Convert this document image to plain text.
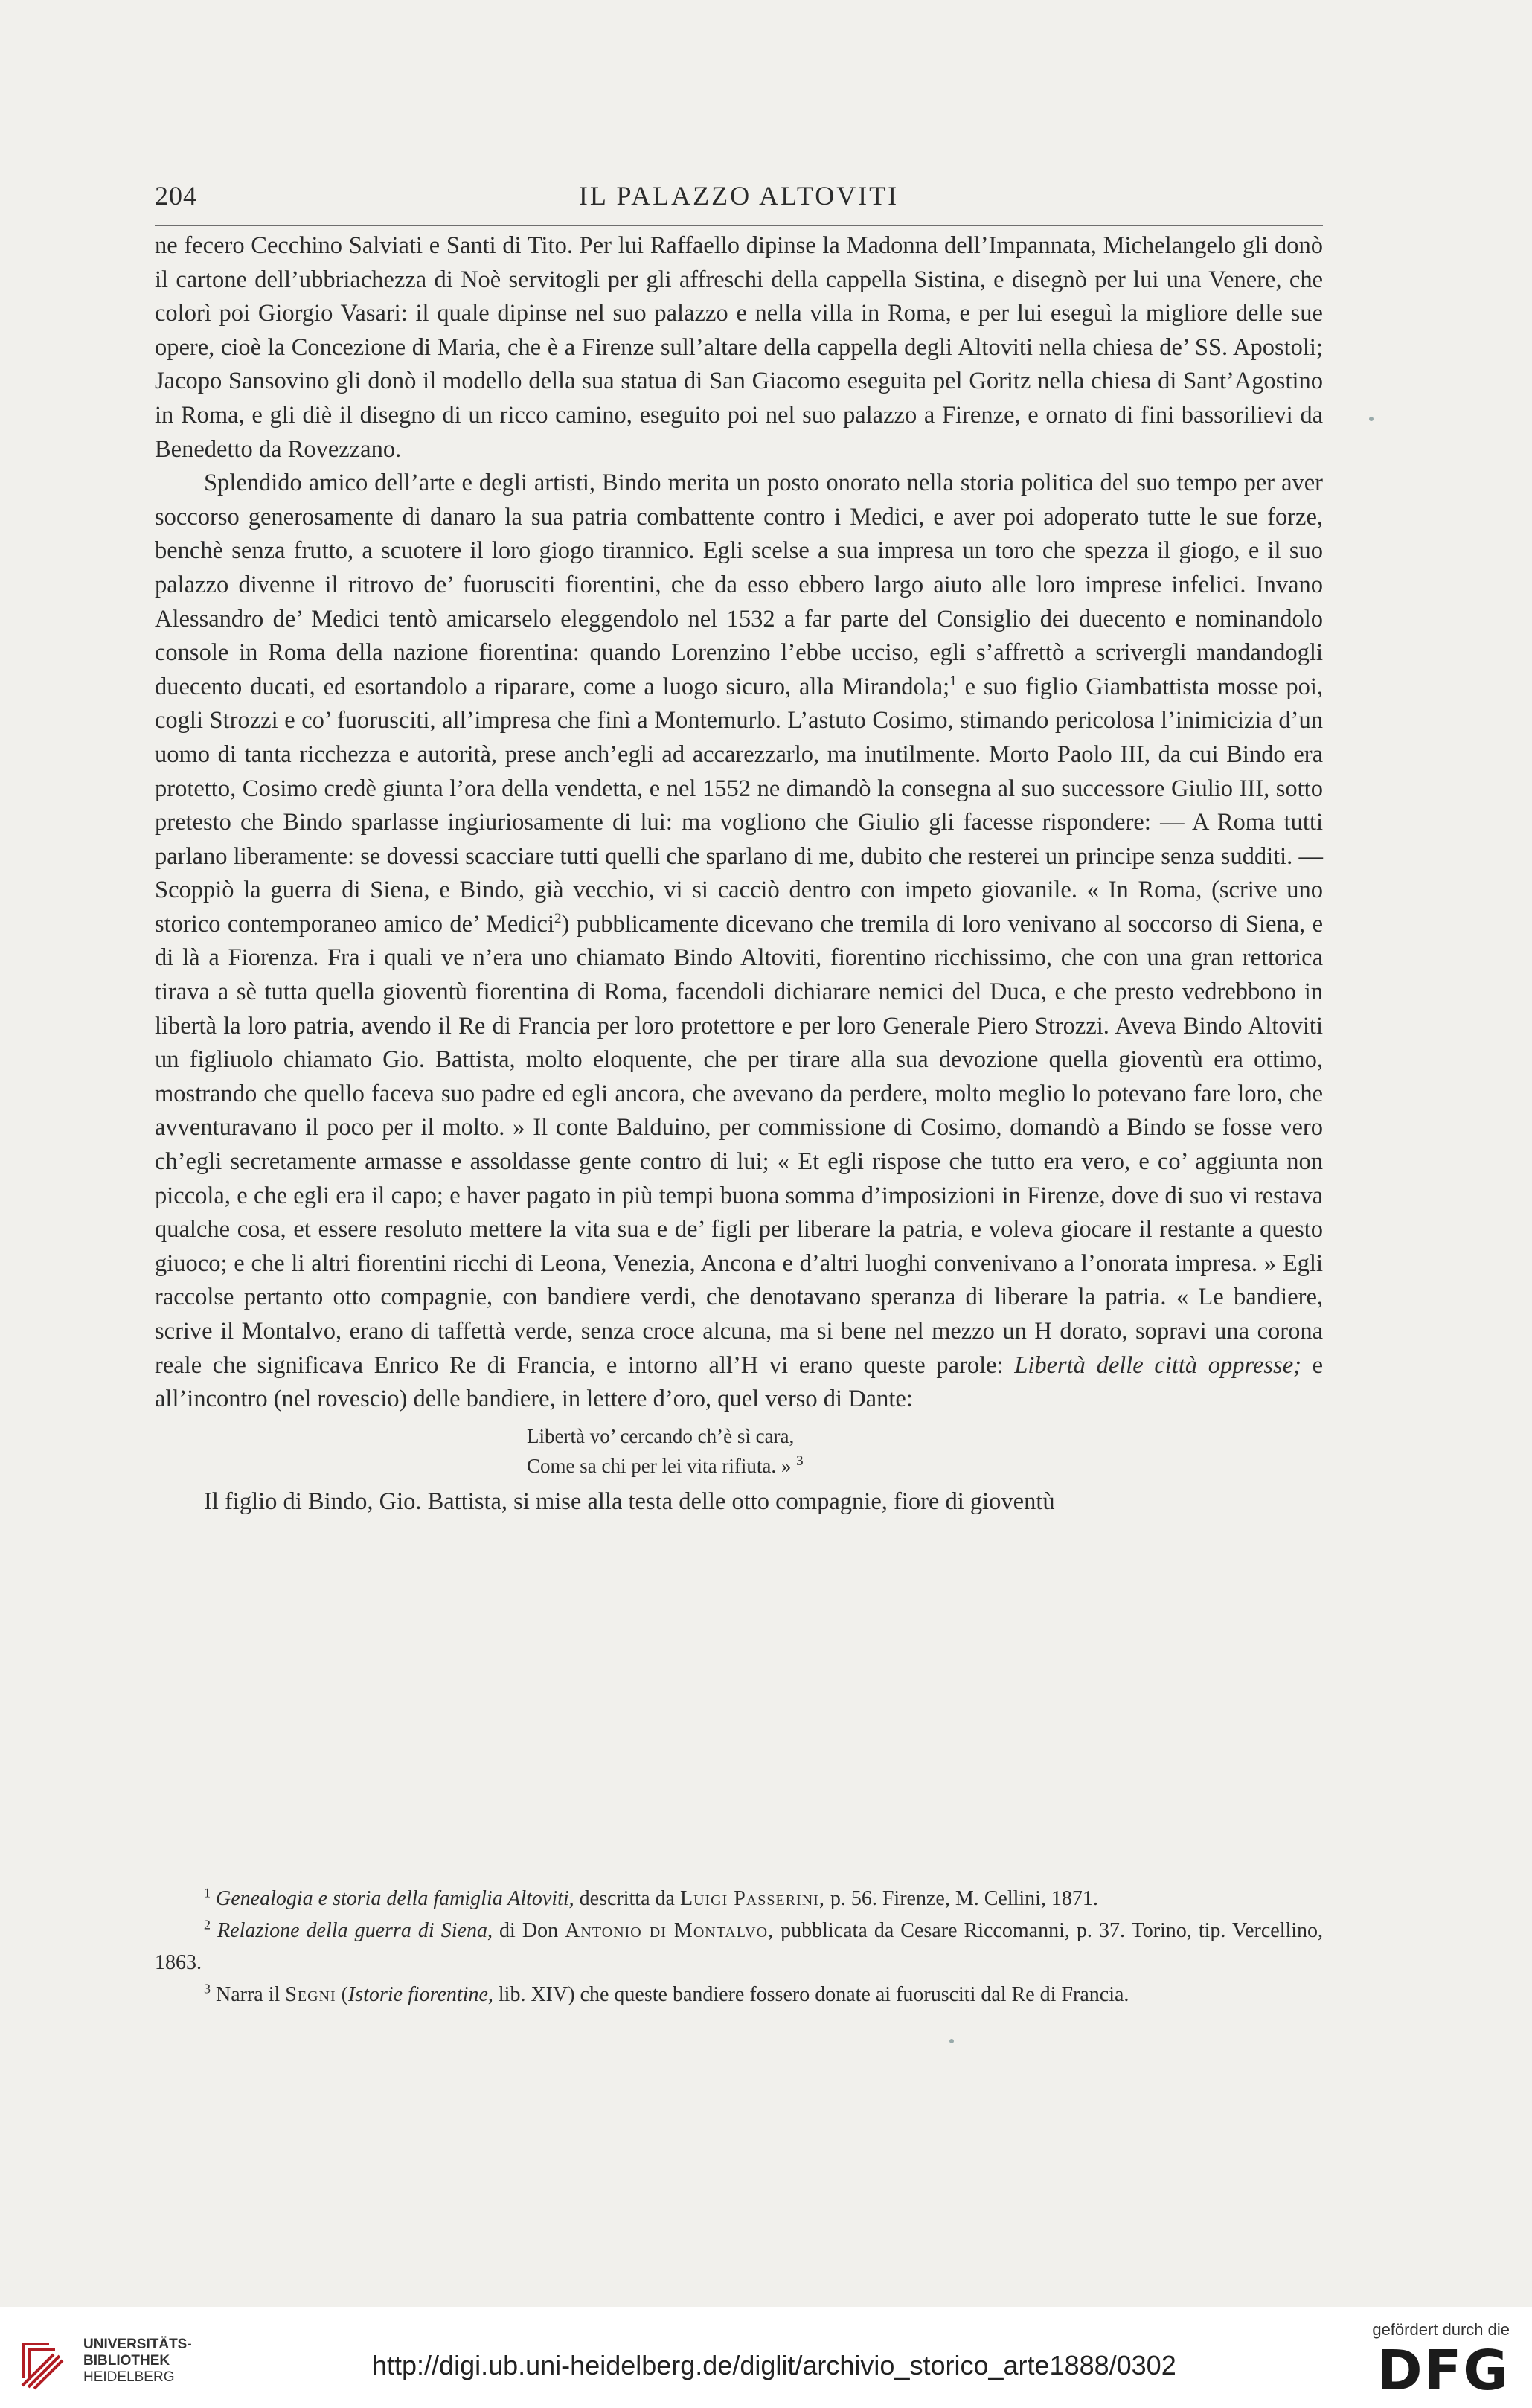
204	IL PALAZZO ALTOVITI

ne fecero Cecchino Salviati e Santi di Tito. Per lui Raffaello dipinse la Madonna dell’Impannata, Michelangelo gli donò il cartone dell’ubbriachezza di Noè servitogli per gli affreschi della cappella Sistina, e disegnò per lui una Venere, che colorì poi Giorgio Vasari: il quale dipinse nel suo palazzo e nella villa in Roma, e per lui eseguì la migliore delle sue opere, cioè la Concezione di Maria, che è a Firenze sull’altare della cappella degli Altoviti nella chiesa de’ SS. Apostoli; Jacopo Sansovino gli donò il modello della sua statua di San Giacomo eseguita pel Goritz nella chiesa di Sant’Agostino in Roma, e gli diè il disegno di un ricco camino, eseguito poi nel suo palazzo a Firenze, e ornato di fini bassorilievi da Benedetto da Rovezzano.

Splendido amico dell’arte e degli artisti, Bindo merita un posto onorato nella storia politica del suo tempo per aver soccorso generosamente di danaro la sua patria combattente contro i Medici, e aver poi adoperato tutte le sue forze, benchè senza frutto, a scuotere il loro giogo tirannico. Egli scelse a sua impresa un toro che spezza il giogo, e il suo palazzo divenne il ritrovo de’ fuorusciti fiorentini, che da esso ebbero largo aiuto alle loro imprese infelici. Invano Alessandro de’ Medici tentò amicarselo eleggendolo nel 1532 a far parte del Consiglio dei duecento e nominandolo console in Roma della nazione fiorentina: quando Lorenzino l’ebbe ucciso, egli s’affrettò a scrivergli mandandogli duecento ducati, ed esortandolo a riparare, come a luogo sicuro, alla Mirandola;$^1$ e suo figlio Giambattista mosse poi, cogli Strozzi e co’ fuorusciti, all’impresa che finì a Montemurlo. L’astuto Cosimo, stimando pericolosa l’inimicizia d’un uomo di tanta ricchezza e autorità, prese anch’egli ad accarezzarlo, ma inutilmente. Morto Paolo III, da cui Bindo era protetto, Cosimo credè giunta l’ora della vendetta, e nel 1552 ne dimandò la consegna al suo successore Giulio III, sotto pretesto che Bindo sparlasse ingiuriosamente di lui: ma vogliono che Giulio gli facesse rispondere: — A Roma tutti parlano liberamente: se dovessi scacciare tutti quelli che sparlano di me, dubito che resterei un principe senza sudditi. — Scoppiò la guerra di Siena, e Bindo, già vecchio, vi si cacciò dentro con impeto giovanile. « In Roma, (scrive uno storico contemporaneo amico de’ Medici$^2$) pubblicamente dicevano che tremila di loro venivano al soccorso di Siena, e di là a Fiorenza. Fra i quali ve n’era uno chiamato Bindo Altoviti, fiorentino ricchissimo, che con una gran rettorica tirava a sè tutta quella gioventù fiorentina di Roma, facendoli dichiarare nemici del Duca, e che presto vedrebbono in libertà la loro patria, avendo il Re di Francia per loro protettore e per loro Generale Piero Strozzi. Aveva Bindo Altoviti un figliuolo chiamato Gio. Battista, molto eloquente, che per tirare alla sua devozione quella gioventù era ottimo, mostrando che quello faceva suo padre ed egli ancora, che avevano da perdere, molto meglio lo potevano fare loro, che avventuravano il poco per il molto. » Il conte Balduino, per commissione di Cosimo, domandò a Bindo se fosse vero ch’egli secretamente armasse e assoldasse gente contro di lui; « Et egli rispose che tutto era vero, e co’ aggiunta non piccola, e che egli era il capo; e haver pagato in più tempi buona somma d’imposizioni in Firenze, dove di suo vi restava qualche cosa, et essere resoluto mettere la vita sua e de’ figli per liberare la patria, e voleva giocare il restante a questo giuoco; e che li altri fiorentini ricchi di Leona, Venezia, Ancona e d’altri luoghi convenivano a l’onorata impresa. » Egli raccolse pertanto otto compagnie, con bandiere verdi, che denotavano speranza di liberare la patria. « Le bandiere, scrive il Montalvo, erano di taffettà verde, senza croce alcuna, ma si bene nel mezzo un H dorato, sopravi una corona reale che significava Enrico Re di Francia, e intorno all’H vi erano queste parole: Libertà delle città oppresse; e all’incontro (nel rovescio) delle bandiere, in lettere d’oro, quel verso di Dante:

Libertà vo’ cercando ch’è sì cara,
Come sa chi per lei vita rifiuta. » $^3$

Il figlio di Bindo, Gio. Battista, si mise alla testa delle otto compagnie, fiore di gioventù

$^1$ Genealogia e storia della famiglia Altoviti, descritta da Luigi Passerini, p. 56. Firenze, M. Cellini, 1871.

$^2$ Relazione della guerra di Siena, di Don Antonio di Montalvo, pubblicata da Cesare Riccomanni, p. 37. Torino, tip. Vercellino, 1863.

$^3$ Narra il Segni (Istorie fiorentine, lib. XIV) che queste bandiere fossero donate ai fuorusciti dal Re di Francia.

UNIVERSITÄTS-
BIBLIOTHEK
HEIDELBERG	http://digi.ub.uni-heidelberg.de/diglit/archivio_storico_arte1888/0302
gefördert durch die
DFG
